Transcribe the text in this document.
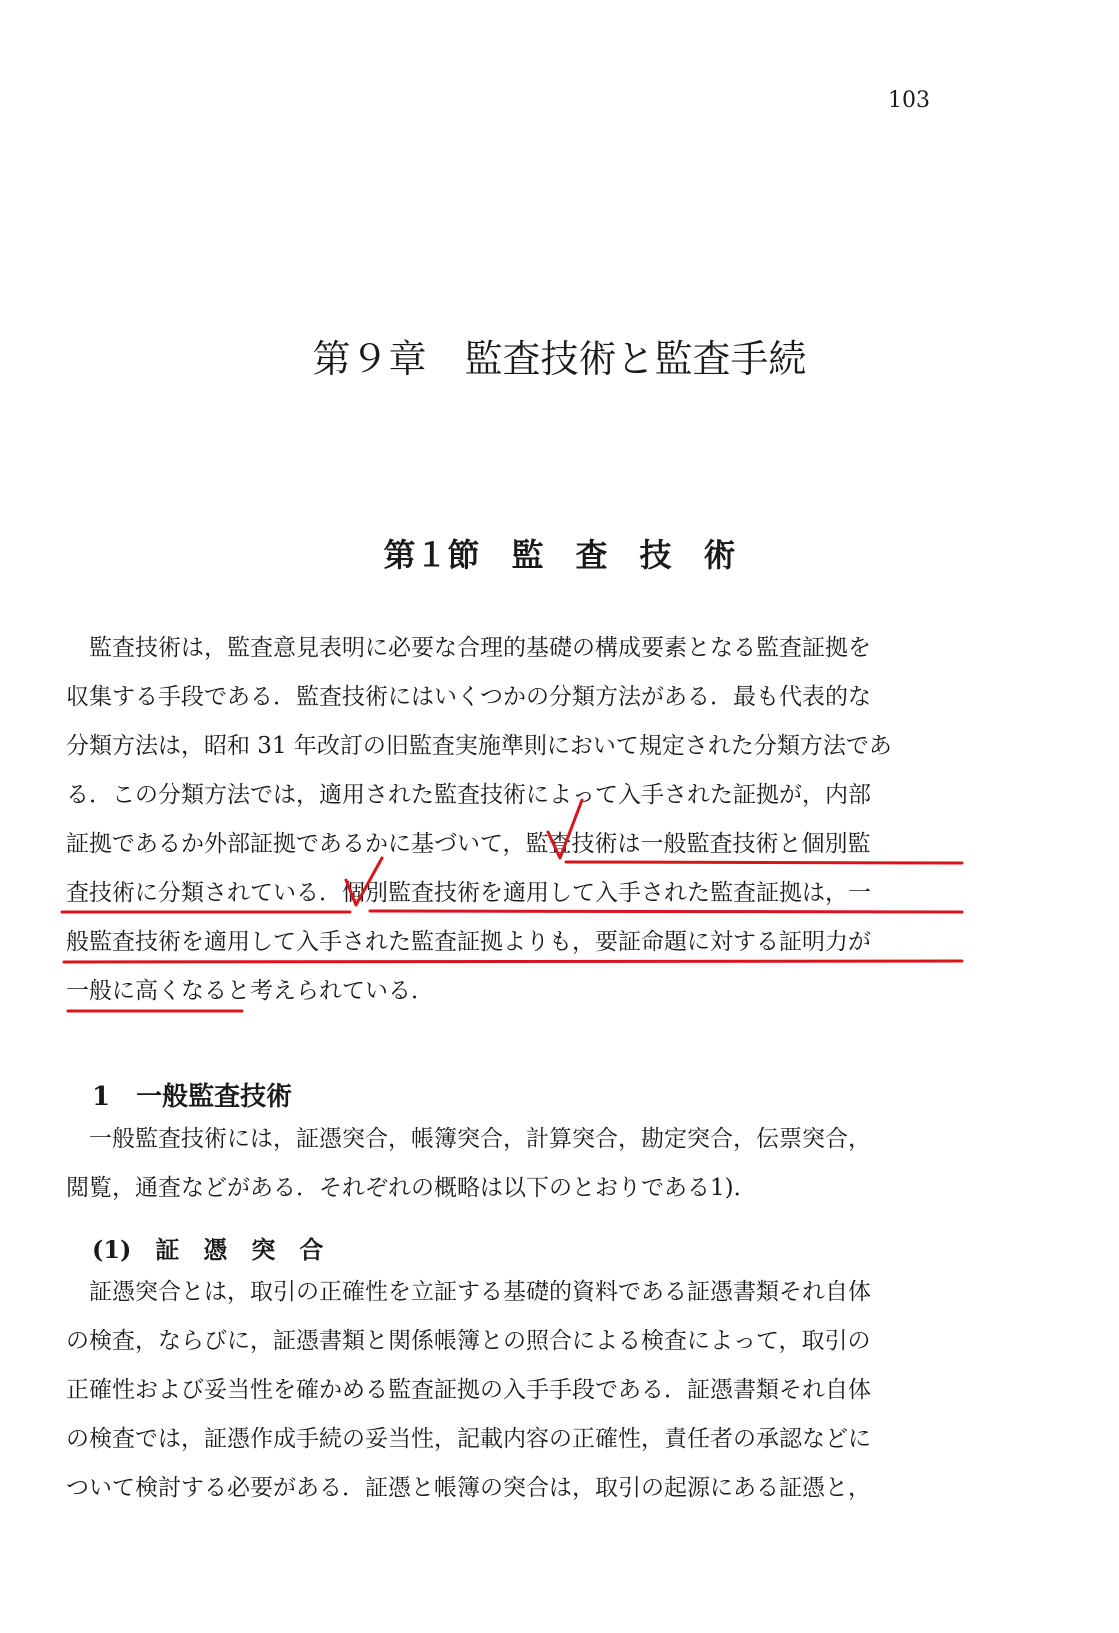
103
第９章　監査技術と監査手続
第１節　監　査　技　術
　監査技術は，監査意見表明に必要な合理的基礎の構成要素となる監査証拠を
収集する手段である．監査技術にはいくつかの分類方法がある．最も代表的な
分類方法は，昭和 31 年改訂の旧監査実施準則において規定された分類方法であ
る．この分類方法では，適用された監査技術によって入手された証拠が，内部
証拠であるか外部証拠であるかに基づいて，監査技術は一般監査技術と個別監
査技術に分類されている．個別監査技術を適用して入手された監査証拠は，一
般監査技術を適用して入手された監査証拠よりも，要証命題に対する証明力が
一般に高くなると考えられている．
1　一般監査技術
　一般監査技術には，証憑突合，帳簿突合，計算突合，勘定突合，伝票突合，
閲覧，通査などがある．それぞれの概略は以下のとおりである1)．
(1)　証　憑　突　合
　証憑突合とは，取引の正確性を立証する基礎的資料である証憑書類それ自体
の検査，ならびに，証憑書類と関係帳簿との照合による検査によって，取引の
正確性および妥当性を確かめる監査証拠の入手手段である．証憑書類それ自体
の検査では，証憑作成手続の妥当性，記載内容の正確性，責任者の承認などに
ついて検討する必要がある．証憑と帳簿の突合は，取引の起源にある証憑と，
